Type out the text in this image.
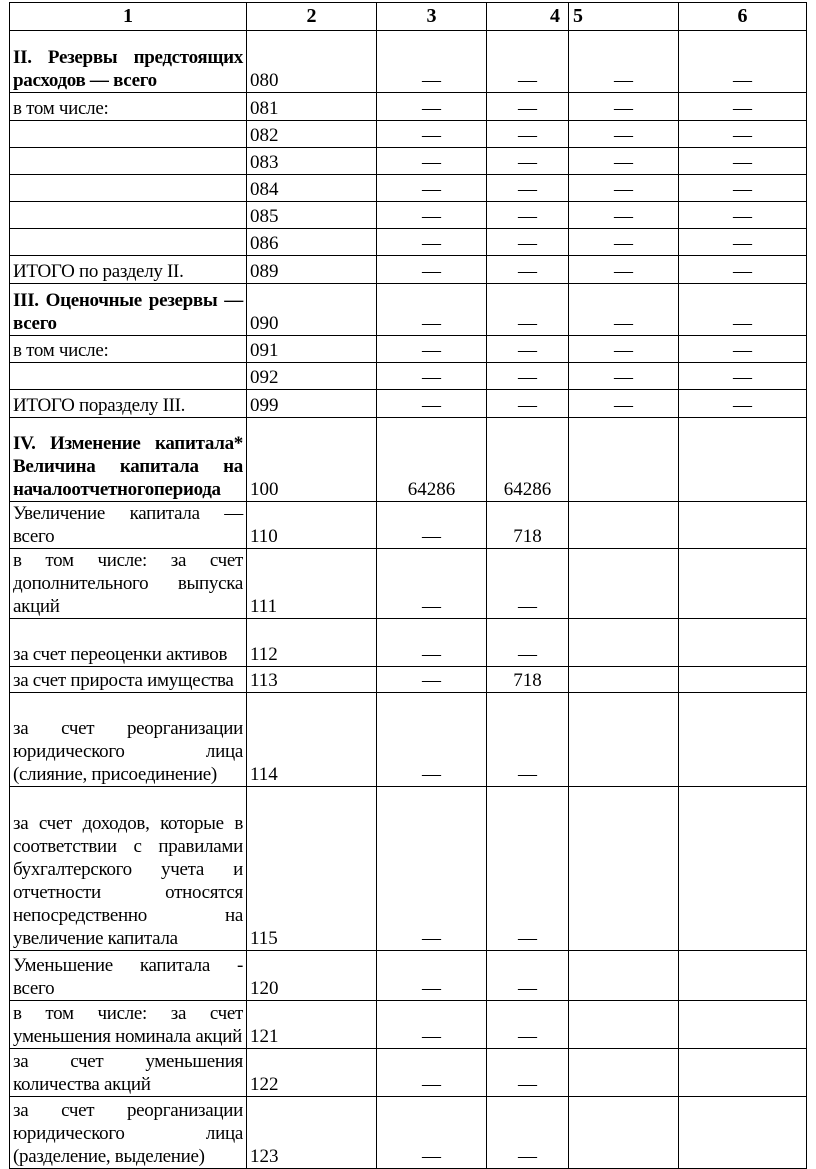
1	2	3	4	5	6
II. Резервы предстоящих расходов — всего	080	—	—	—	—
в том числе:	081	—	—	—	—
	082	—	—	—	—
	083	—	—	—	—
	084	—	—	—	—
	085	—	—	—	—
	086	—	—	—	—
ИТОГО по разделу II.	089	—	—	—	—
III. Оценочные резервы — всего	090	—	—	—	—
в том числе:	091	—	—	—	—
	092	—	—	—	—
ИТОГО поразделу III.	099	—	—	—	—
IV. Изменение капитала* Величина капитала на началоотчетногопериода	100	64286	64286		
Увеличение капитала — всего	110	—	718		
в том числе: за счет дополнительного выпуска акций	111	—	—		
за счет переоценки активов	112	—	—		
за счет прироста имущества	113	—	718		
за счет реорганизации юридического лица (слияние, присоединение)	114	—	—		
за счет доходов, которые в соответствии с правилами бухгалтерского учета и отчетности относятся непосредственно на увеличение капитала	115	—	—		
Уменьшение капитала - всего	120	—	—		
в том числе: за счет уменьшения номинала акций	121	—	—		
за счет уменьшения количества акций	122	—	—		
за счет реорганизации юридического лица (разделение, выделение)	123	—	—		
